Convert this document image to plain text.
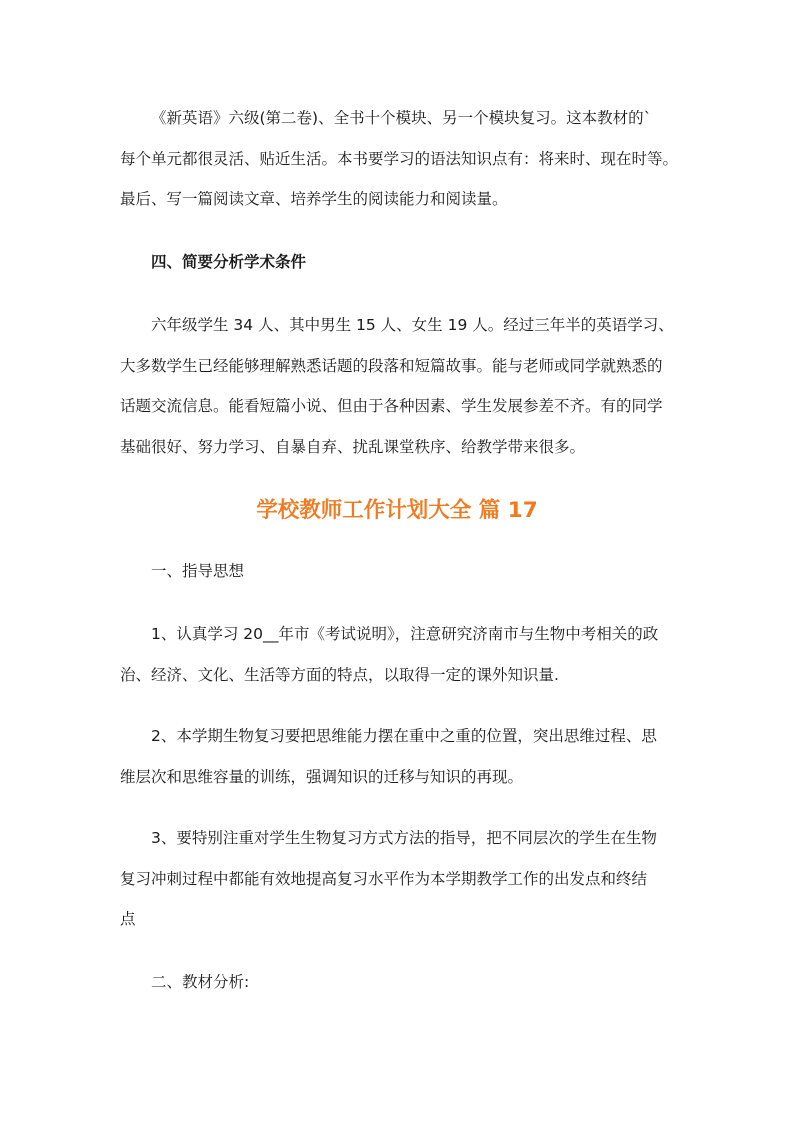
《新英语》六级(第二卷)、全书十个模块、另一个模块复习。这本教材的`
每个单元都很灵活、贴近生活。本书要学习的语法知识点有：将来时、现在时等。
最后、写一篇阅读文章、培养学生的阅读能力和阅读量。
四、简要分析学术条件
六年级学生 34 人、其中男生 15 人、女生 19 人。经过三年半的英语学习、
大多数学生已经能够理解熟悉话题的段落和短篇故事。能与老师或同学就熟悉的
话题交流信息。能看短篇小说、但由于各种因素、学生发展参差不齐。有的同学
基础很好、努力学习、自暴自弃、扰乱课堂秩序、给教学带来很多。
学校教师工作计划大全 篇 17
一、指导思想
1、认真学习 20__年市《考试说明》，注意研究济南市与生物中考相关的政
治、经济、文化、生活等方面的特点，以取得一定的课外知识量.
2、本学期生物复习要把思维能力摆在重中之重的位置，突出思维过程、思
维层次和思维容量的训练，强调知识的迁移与知识的再现。
3、要特别注重对学生生物复习方式方法的指导，把不同层次的学生在生物
复习冲刺过程中都能有效地提高复习水平作为本学期教学工作的出发点和终结
点
二、教材分析:
